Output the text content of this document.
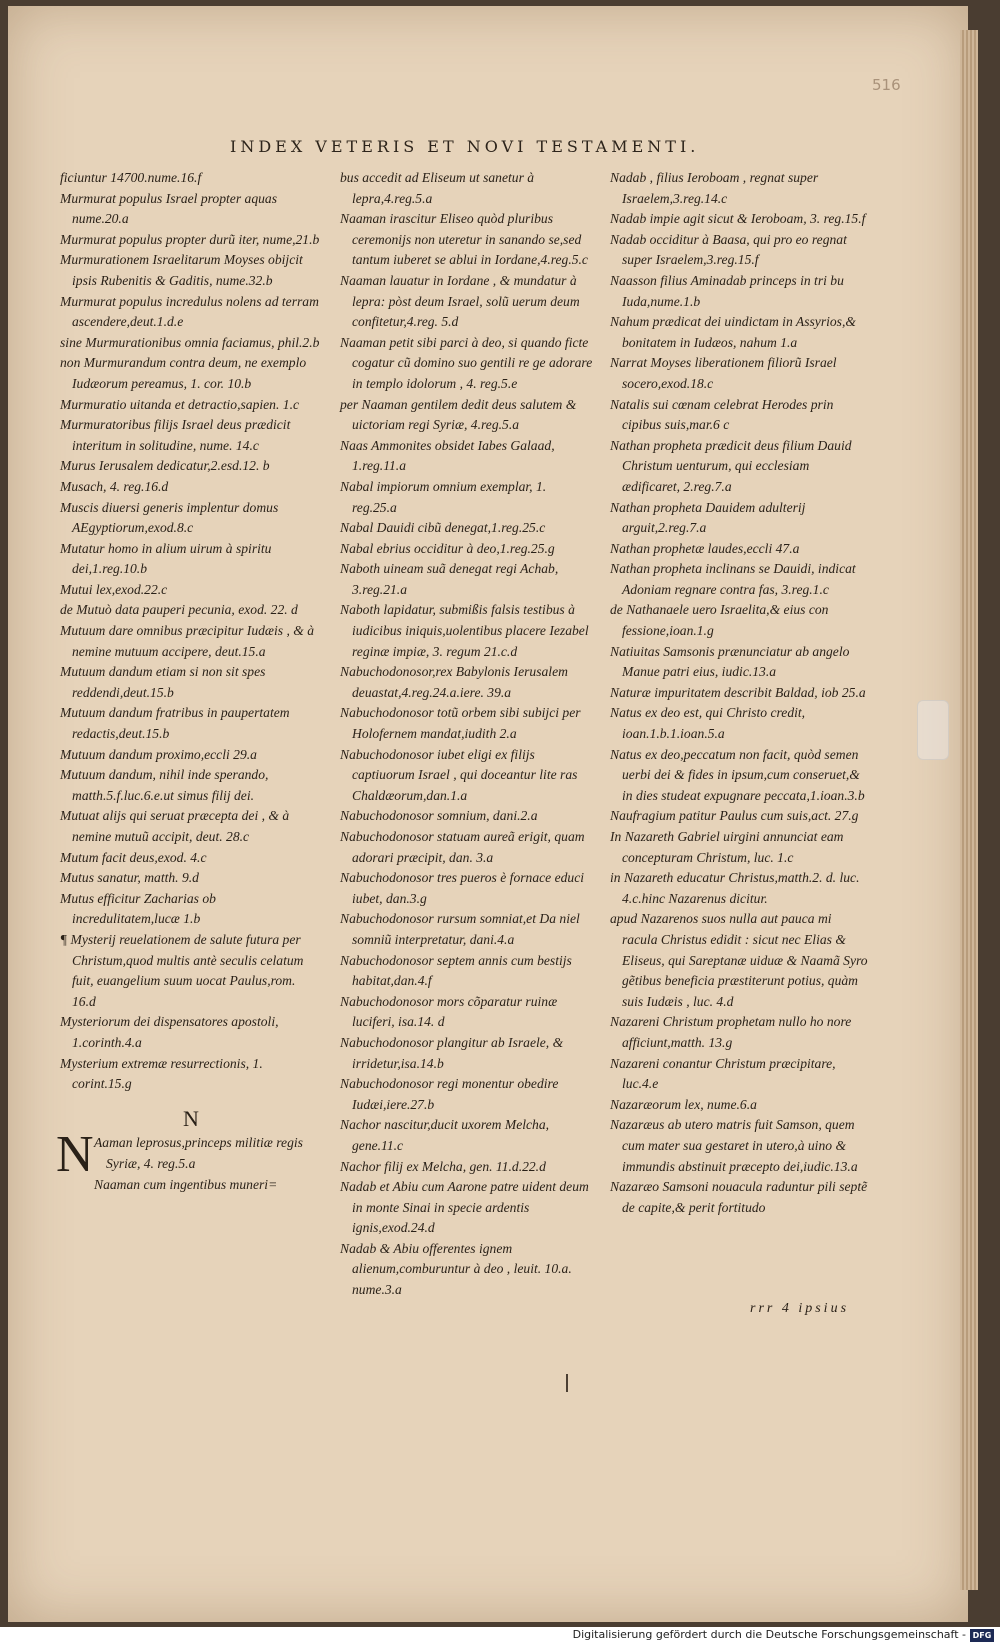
516
INDEX VETERIS ET NOVI TESTAMENTI.

ficiuntur 14700.nume.16.f

Murmurat populus Israel propter aquas nume.20.a

Murmurat populus propter durũ iter, nume,21.b

Murmurationem Israelitarum Moyses obijcit ipsis Rubenitis & Gaditis, nume.32.b

Murmurat populus incredulus nolens ad terram ascendere,deut.1.d.e

sine Murmurationibus omnia faciamus, phil.2.b

non Murmurandum contra deum, ne exemplo Iudæorum pereamus, 1. cor. 10.b

Murmuratio uitanda et detractio,sapien. 1.c

Murmuratoribus filijs Israel deus prædicit interitum in solitudine, nume. 14.c

Murus Ierusalem dedicatur,2.esd.12. b

Musach, 4. reg.16.d

Muscis diuersi generis implentur domus AEgyptiorum,exod.8.c

Mutatur homo in alium uirum à spiritu dei,1.reg.10.b

Mutui lex,exod.22.c

de Mutuò data pauperi pecunia, exod. 22. d

Mutuum dare omnibus præcipitur Iudæis , & à nemine mutuum accipere, deut.15.a

Mutuum dandum etiam si non sit spes reddendi,deut.15.b

Mutuum dandum fratribus in paupertatem redactis,deut.15.b

Mutuum dandum proximo,eccli 29.a

Mutuum dandum, nihil inde sperando, matth.5.f.luc.6.e.ut simus filij dei.

Mutuat alijs qui seruat præcepta dei , & à nemine mutuũ accipit, deut. 28.c

Mutum facit deus,exod. 4.c

Mutus sanatur, matth. 9.d

Mutus efficitur Zacharias ob incredulitatem,lucæ 1.b

¶ Mysterij reuelationem de salute futura per Christum,quod multis antè seculis celatum fuit, euangelium suum uocat Paulus,rom. 16.d

Mysteriorum dei dispensatores apostoli, 1.corinth.4.a

Mysterium extremæ resurrectionis, 1. corint.15.g

N
N Aaman leprosus,princeps militiæ regis Syriæ, 4. reg.5.a

Naaman cum ingentibus muneri=

bus accedit ad Eliseum ut sanetur à lepra,4.reg.5.a

Naaman irascitur Eliseo quòd pluribus ceremonijs non uteretur in sanando se,sed tantum iuberet se ablui in Iordane,4.reg.5.c

Naaman lauatur in Iordane , & mundatur à lepra: pòst deum Israel, solũ uerum deum confitetur,4.reg. 5.d

Naaman petit sibi parci à deo, si quando ficte cogatur cũ domino suo gentili re ge adorare in templo idolorum , 4. reg.5.e

per Naaman gentilem dedit deus salutem & uictoriam regi Syriæ, 4.reg.5.a

Naas Ammonites obsidet Iabes Galaad, 1.reg.11.a

Nabal impiorum omnium exemplar, 1. reg.25.a

Nabal Dauidi cibũ denegat,1.reg.25.c

Nabal ebrius occiditur à deo,1.reg.25.g

Naboth uineam suã denegat regi Achab, 3.reg.21.a

Naboth lapidatur, submißis falsis testibus à iudicibus iniquis,uolentibus placere Iezabel reginæ impiæ, 3. regum 21.c.d

Nabuchodonosor,rex Babylonis Ierusalem deuastat,4.reg.24.a.iere. 39.a

Nabuchodonosor totũ orbem sibi subijci per Holofernem mandat,iudith 2.a

Nabuchodonosor iubet eligi ex filijs captiuorum Israel , qui doceantur lite ras Chaldæorum,dan.1.a

Nabuchodonosor somnium, dani.2.a

Nabuchodonosor statuam aureã erigit, quam adorari præcipit, dan. 3.a

Nabuchodonosor tres pueros è fornace educi iubet, dan.3.g

Nabuchodonosor rursum somniat,et Da niel somniũ interpretatur, dani.4.a

Nabuchodonosor septem annis cum bestijs habitat,dan.4.f

Nabuchodonosor mors cõparatur ruinæ luciferi, isa.14. d

Nabuchodonosor plangitur ab Israele, & irridetur,isa.14.b

Nabuchodonosor regi monentur obedire Iudæi,iere.27.b

Nachor nascitur,ducit uxorem Melcha, gene.11.c

Nachor filij ex Melcha, gen. 11.d.22.d

Nadab et Abiu cum Aarone patre uident deum in monte Sinai in specie ardentis ignis,exod.24.d

Nadab & Abiu offerentes ignem alienum,comburuntur à deo , leuit. 10.a. nume.3.a

Nadab , filius Ieroboam , regnat super Israelem,3.reg.14.c

Nadab impie agit sicut & Ieroboam, 3. reg.15.f

Nadab occiditur à Baasa, qui pro eo regnat super Israelem,3.reg.15.f

Naasson filius Aminadab princeps in tri bu Iuda,nume.1.b

Nahum prædicat dei uindictam in Assyrios,& bonitatem in Iudæos, nahum 1.a

Narrat Moyses liberationem filiorũ Israel socero,exod.18.c

Natalis sui cœnam celebrat Herodes prin cipibus suis,mar.6 c

Nathan propheta prædicit deus filium Dauid Christum uenturum, qui ecclesiam ædificaret, 2.reg.7.a

Nathan propheta Dauidem adulterij arguit,2.reg.7.a

Nathan prophetæ laudes,eccli 47.a

Nathan propheta inclinans se Dauidi, indicat Adoniam regnare contra fas, 3.reg.1.c

de Nathanaele uero Israelita,& eius con fessione,ioan.1.g

Natiuitas Samsonis prænunciatur ab angelo Manue patri eius, iudic.13.a

Naturæ impuritatem describit Baldad, iob 25.a

Natus ex deo est, qui Christo credit, ioan.1.b.1.ioan.5.a

Natus ex deo,peccatum non facit, quòd semen uerbi dei & fides in ipsum,cum conseruet,& in dies studeat expugnare peccata,1.ioan.3.b

Naufragium patitur Paulus cum suis,act. 27.g

In Nazareth Gabriel uirgini annunciat eam concepturam Christum, luc. 1.c

in Nazareth educatur Christus,matth.2. d. luc. 4.c.hinc Nazarenus dicitur.

apud Nazarenos suos nulla aut pauca mi racula Christus edidit : sicut nec Elias & Eliseus, qui Sareptanæ uiduæ & Naamã Syro gẽtibus beneficia præstiterunt potius, quàm suis Iudæis , luc. 4.d

Nazareni Christum prophetam nullo ho nore afficiunt,matth. 13.g

Nazareni conantur Christum præcipitare, luc.4.e

Nazaræorum lex, nume.6.a

Nazaræus ab utero matris fuit Samson, quem cum mater sua gestaret in utero,à uino & immundis abstinuit præcepto dei,iudic.13.a

Nazaræo Samsoni nouacula raduntur pili septẽ de capite,& perit fortitudo

rrr 4 ipsius
Digitalisierung gefördert durch die Deutsche Forschungsgemeinschaft - DFG
